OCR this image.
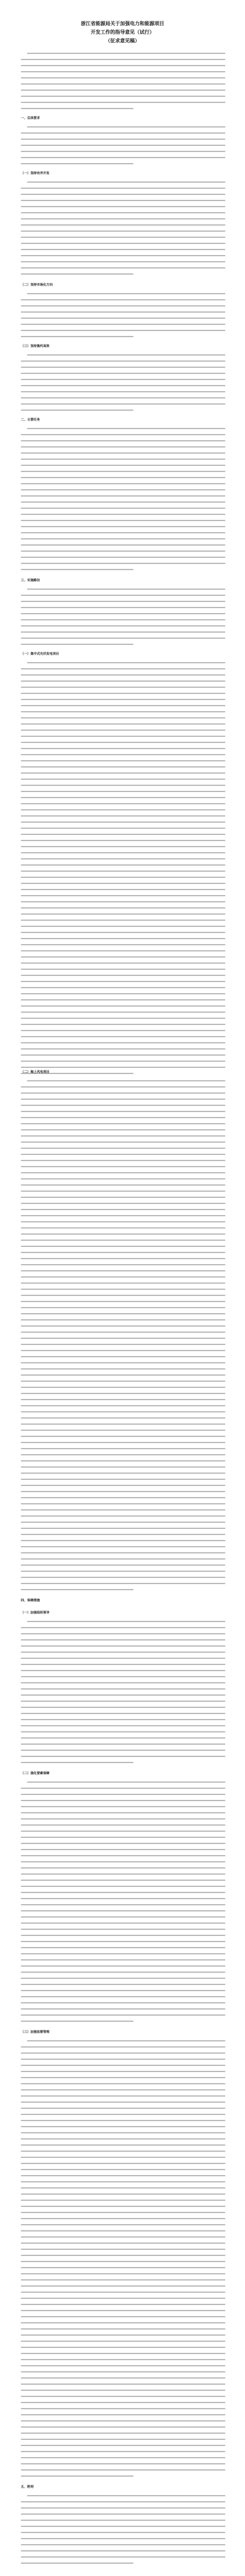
浙江省能源局关于加强电力和能源项目
开发工作的指导意见（试行）
（征求意见稿）
一、总体要求
（一）坚持有序开发
（二）坚持市场化方向
（三）坚持集约高效
二、主要任务
三、实施路径
（一）集中式光伏发电项目
（二）海上风电项目
四、保障措施
（一）加强组织领导
（二）强化要素保障
（三）加强监督管理
五、附则
